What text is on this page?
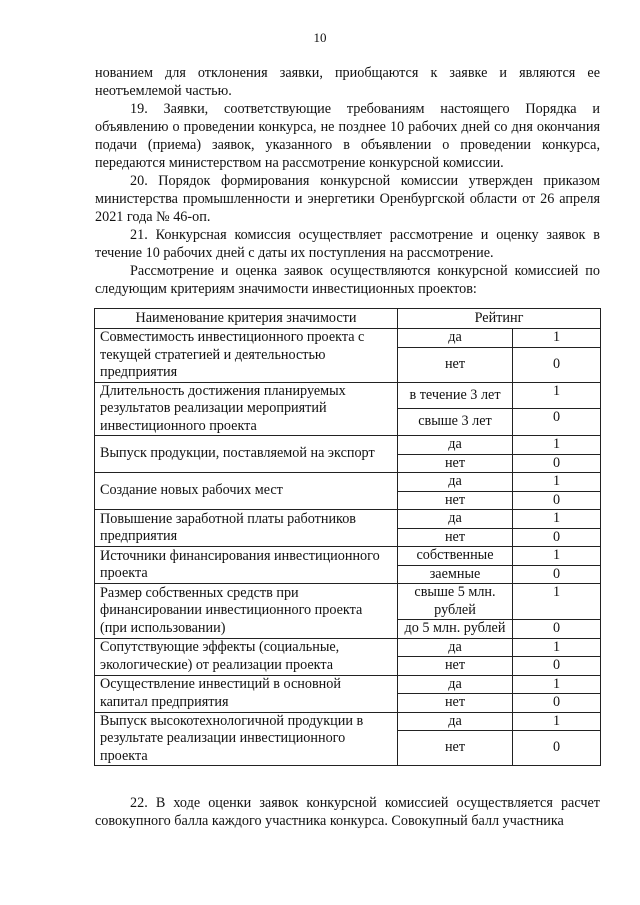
10

нованием для отклонения заявки, приобщаются к заявке и являются ее неотъемлемой частью.

19. Заявки, соответствующие требованиям настоящего Порядка и объявлению о проведении конкурса, не позднее 10 рабочих дней со дня окончания подачи (приема) заявок, указанного в объявлении о проведении конкурса, передаются министерством на рассмотрение конкурсной комиссии.

20. Порядок формирования конкурсной комиссии утвержден приказом министерства промышленности и энергетики Оренбургской области от 26 апреля 2021 года № 46-оп.

21. Конкурсная комиссия осуществляет рассмотрение и оценку заявок в течение 10 рабочих дней с даты их поступления на рассмотрение.

Рассмотрение и оценка заявок осуществляются конкурсной комиссией по следующим критериям значимости инвестиционных проектов:

Наименование критерия значимости	Рейтинг	
Совместимость инвестиционного проекта с текущей стратегией и деятельностью предприятия	да	1
	нет	0
Длительность достижения планируемых результатов реализации мероприятий инвестиционного проекта	в течение 3 лет	1
	свыше 3 лет	0
Выпуск продукции, поставляемой на экспорт	да	1
	нет	0
Создание новых рабочих мест	да	1
	нет	0
Повышение заработной платы работников предприятия	да	1
	нет	0
Источники финансирования инвестиционного проекта	собственные	1
	заемные	0
Размер собственных средств при финансировании инвестиционного проекта (при использовании)	свыше 5 млн. рублей	1
	до 5 млн. рублей	0
Сопутствующие эффекты (социальные, экологические) от реализации проекта	да	1
	нет	0
Осуществление инвестиций в основной капитал предприятия	да	1
	нет	0
Выпуск высокотехнологичной продукции в результате реализации инвестиционного проекта	да	1
	нет	0

22. В ходе оценки заявок конкурсной комиссией осуществляется расчет совокупного балла каждого участника конкурса. Совокупный балл участника
